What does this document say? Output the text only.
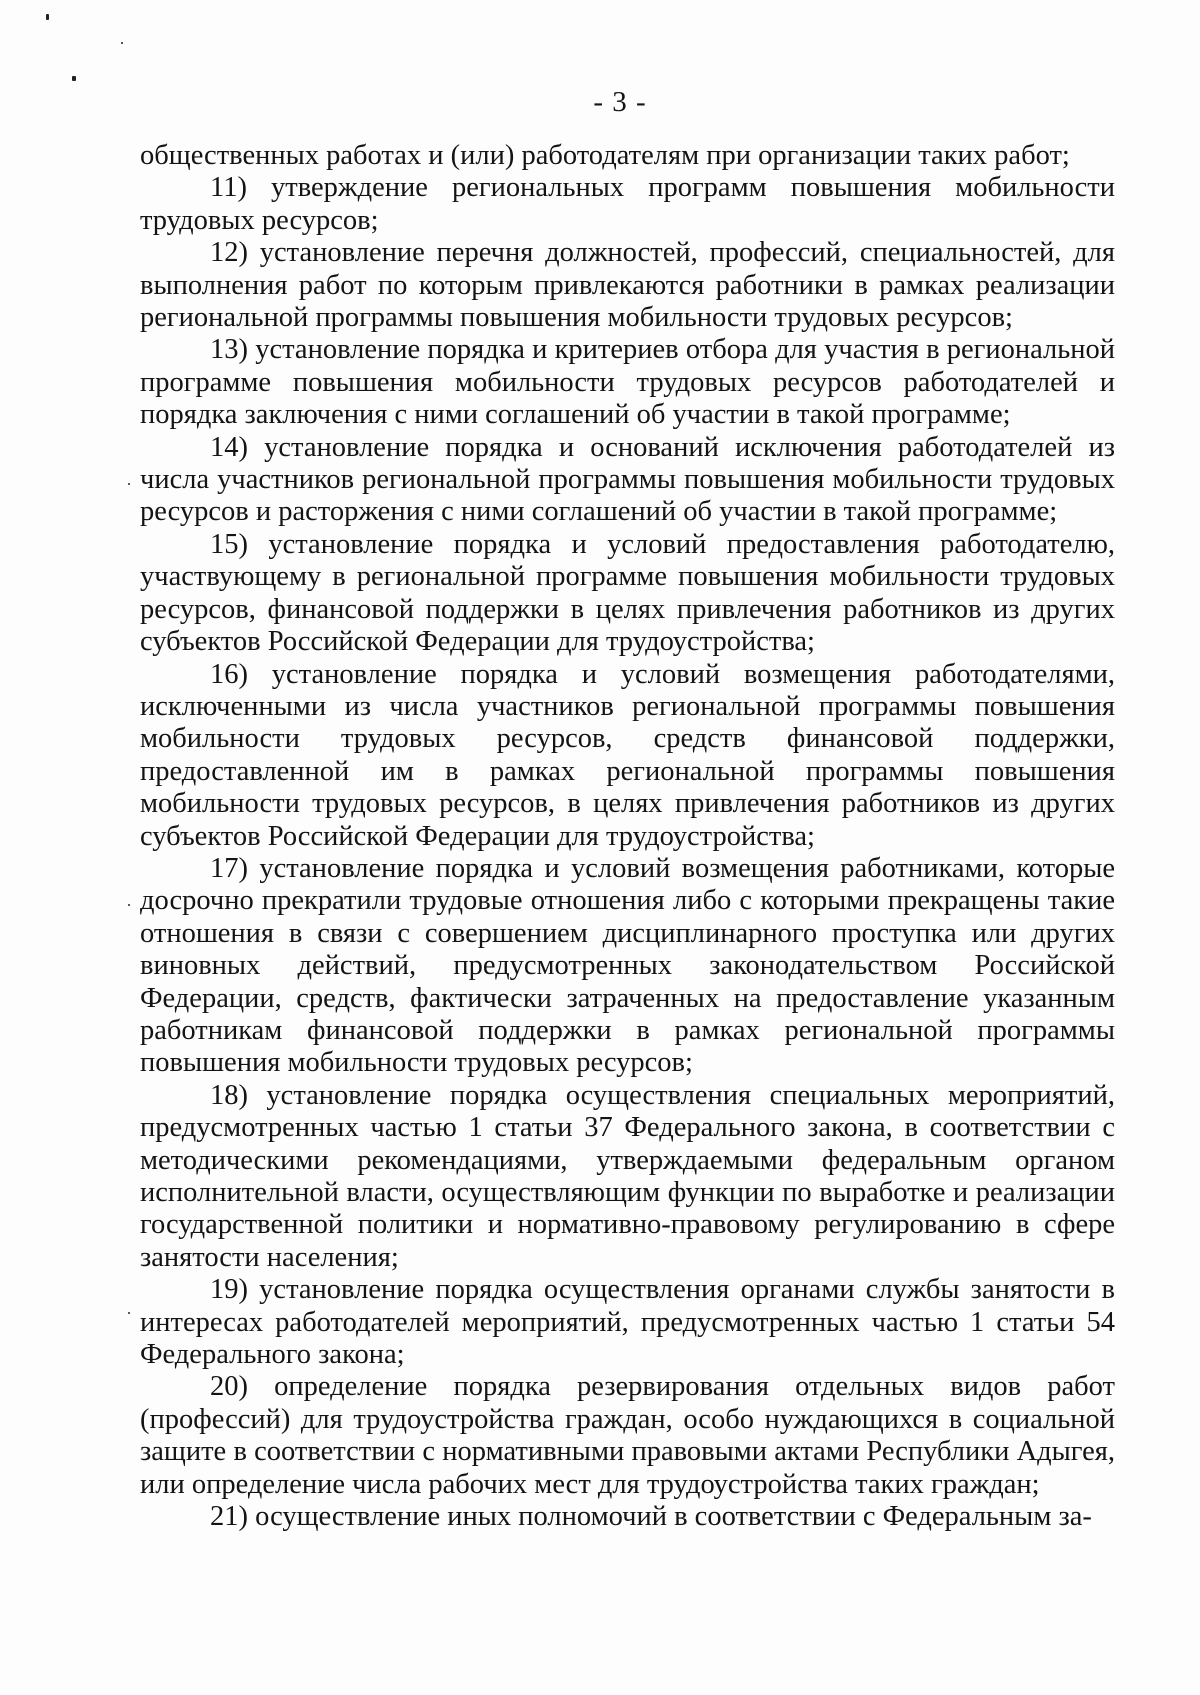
- 3 -

общественных работах и (или) работодателям при организации таких работ;

11) утверждение региональных программ повышения мобильности трудовых ресурсов;

12) установление перечня должностей, профессий, специальностей, для выполнения работ по которым привлекаются работники в рамках реализации региональной программы повышения мобильности трудовых ресурсов;

13) установление порядка и критериев отбора для участия в региональной программе повышения мобильности трудовых ресурсов работодателей и порядка заключения с ними соглашений об участии в такой программе;

14) установление порядка и оснований исключения работодателей из числа участников региональной программы повышения мобильности трудовых ресурсов и расторжения с ними соглашений об участии в такой программе;

15) установление порядка и условий предоставления работодателю, участвующему в региональной программе повышения мобильности трудовых ресурсов, финансовой поддержки в целях привлечения работников из других субъектов Российской Федерации для трудоустройства;

16) установление порядка и условий возмещения работодателями, исключенными из числа участников региональной программы повышения мобильности трудовых ресурсов, средств финансовой поддержки, предоставленной им в рамках региональной программы повышения мобильности трудовых ресурсов, в целях привлечения работников из других субъектов Российской Федерации для трудоустройства;

17) установление порядка и условий возмещения работниками, которые досрочно прекратили трудовые отношения либо с которыми прекращены такие отношения в связи с совершением дисциплинарного проступка или других виновных действий, предусмотренных законодательством Российской Федерации, средств, фактически затраченных на предоставление указанным работникам финансовой поддержки в рамках региональной программы повышения мобильности трудовых ресурсов;

18) установление порядка осуществления специальных мероприятий, предусмотренных частью 1 статьи 37 Федерального закона, в соответствии с методическими рекомендациями, утверждаемыми федеральным органом исполнительной власти, осуществляющим функции по выработке и реализации государственной политики и нормативно-правовому регулированию в сфере занятости населения;

19) установление порядка осуществления органами службы занятости в интересах работодателей мероприятий, предусмотренных частью 1 статьи 54 Федерального закона;

20) определение порядка резервирования отдельных видов работ (профессий) для трудоустройства граждан, особо нуждающихся в социальной защите в соответствии с нормативными правовыми актами Республики Адыгея, или определение числа рабочих мест для трудоустройства таких граждан;

21) осуществление иных полномочий в соответствии с Федеральным за-
